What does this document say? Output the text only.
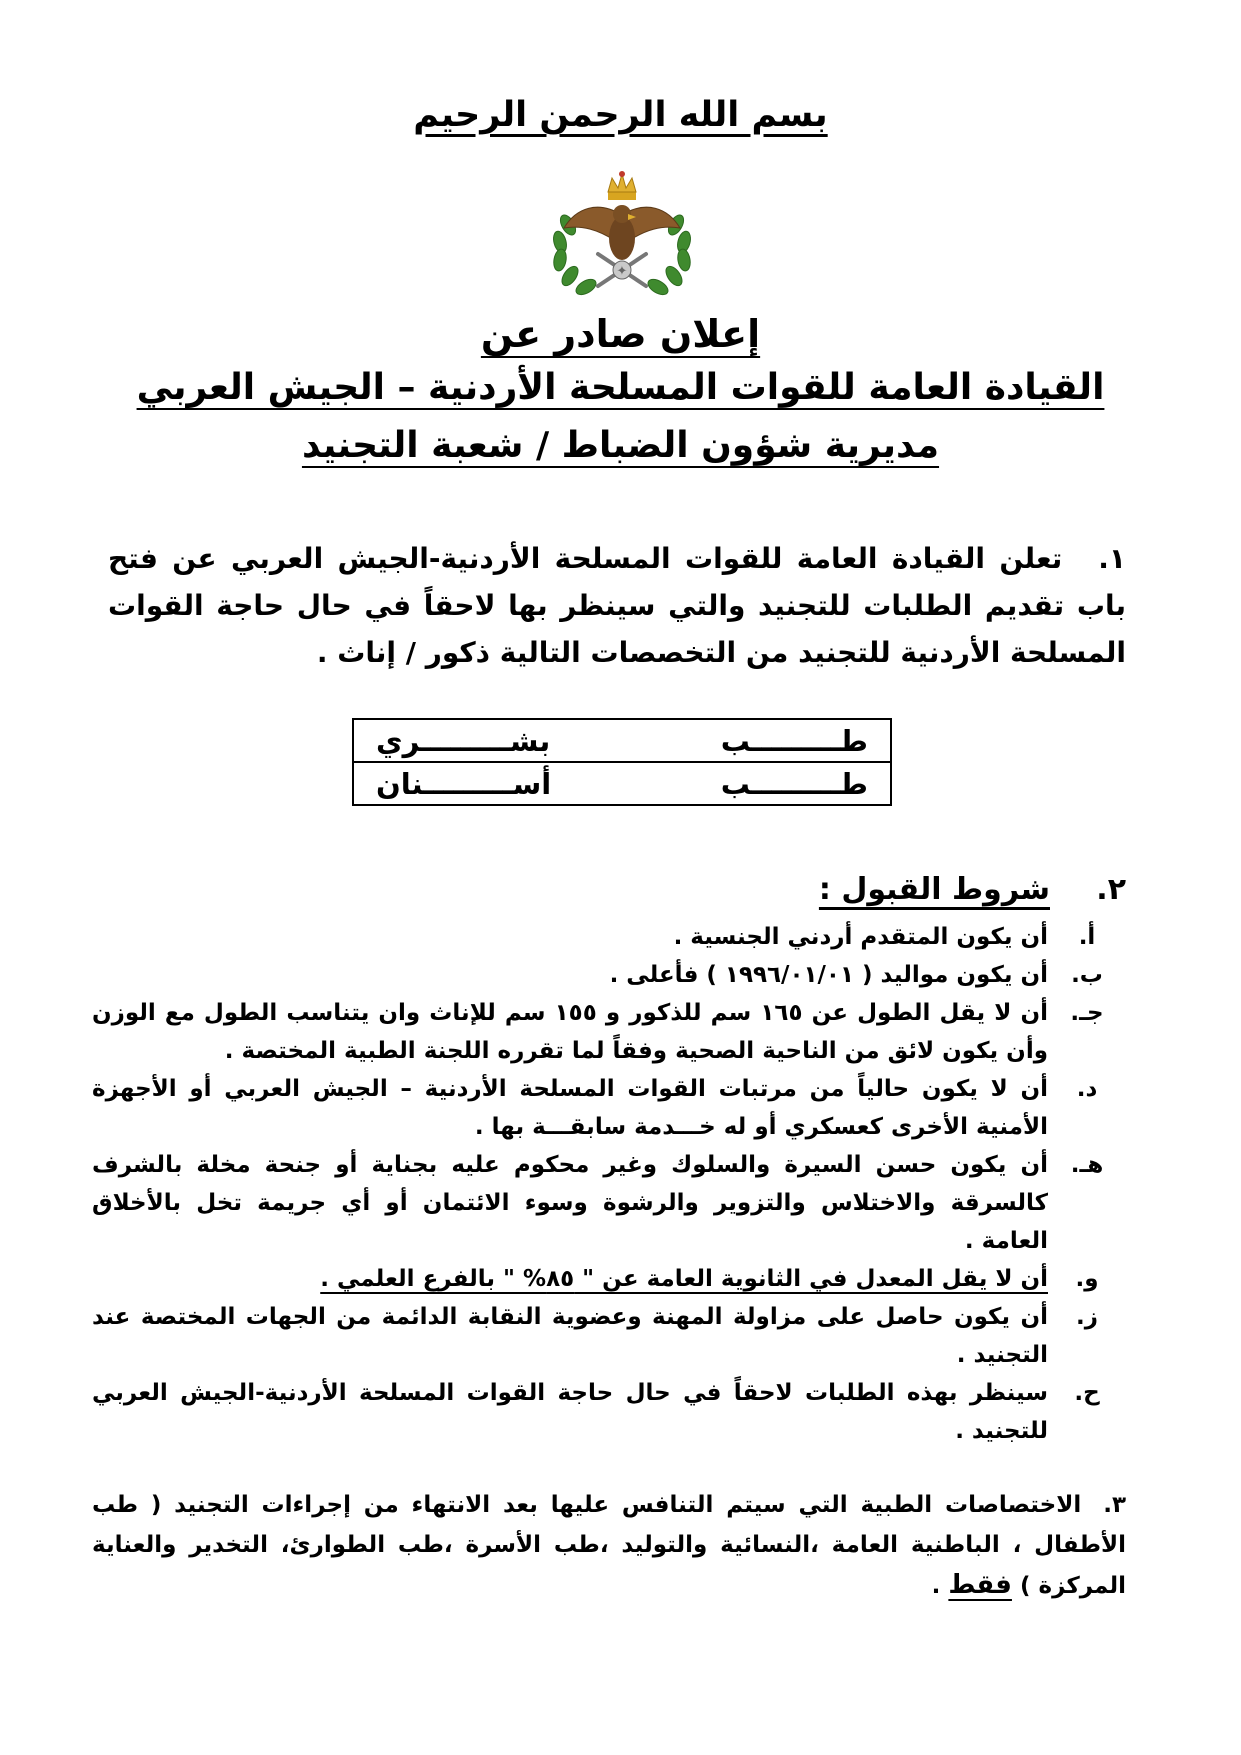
بسم الله الرحمن الرحيم
✦
إعلان صادر عن
القيادة العامة للقوات المسلحة الأردنية – الجيش العربي
مديرية شؤون الضباط / شعبة التجنيد
١.تعلن القيادة العامة للقوات المسلحة الأردنية-الجيش العربي عن فتح باب تقديم الطلبات للتجنيد والتي سينظر بها لاحقاً في حال حاجة القوات المسلحة الأردنية للتجنيد من التخصصات التالية ذكور / إناث .
طـــــــــب بشـــــــــري
طـــــــــب أســـــــــنان
٢.شروط القبول :
أ.
أن يكون المتقدم أردني الجنسية .
ب.
أن يكون مواليد ( ١٩٩٦/٠١/٠١ ) فأعلى .
جـ.
أن لا يقل الطول عن ١٦٥ سم للذكور و ١٥٥ سم للإناث وان يتناسب الطول مع الوزن وأن يكون لائق من الناحية الصحية وفقاً لما تقرره اللجنة الطبية المختصة .
د.
أن لا يكون حالياً من مرتبات القوات المسلحة الأردنية – الجيش العربي أو الأجهزة الأمنية الأخرى كعسكري أو له خـــدمة سابقـــة بها .
هـ.
أن يكون حسن السيرة والسلوك وغير محكوم عليه بجناية أو جنحة مخلة بالشرف كالسرقة والاختلاس والتزوير والرشوة وسوء الائتمان أو أي جريمة تخل بالأخلاق العامة .
و.
أن لا يقل المعدل في الثانوية العامة عن " ٨٥% " بالفرع العلمي .
ز.
أن يكون حاصل على مزاولة المهنة وعضوية النقابة الدائمة من الجهات المختصة عند التجنيد .
ح.
سينظر بهذه الطلبات لاحقاً في حال حاجة القوات المسلحة الأردنية-الجيش العربي للتجنيد .
٣.الاختصاصات الطبية التي سيتم التنافس عليها بعد الانتهاء من إجراءات التجنيد ( طب الأطفال ، الباطنية العامة ،النسائية والتوليد ،طب الأسرة ،طب الطوارئ، التخدير والعناية المركزة ) فقط .
